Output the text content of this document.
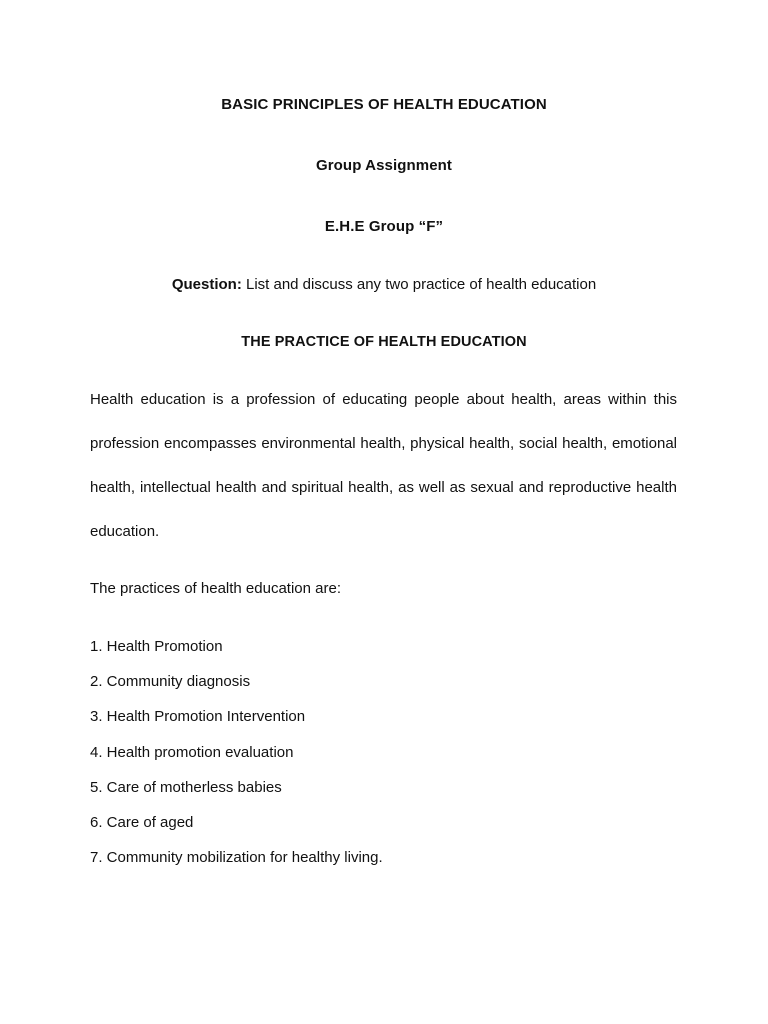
BASIC PRINCIPLES OF HEALTH EDUCATION
Group Assignment
E.H.E Group “F”
Question: List and discuss any two practice of health education
THE PRACTICE OF HEALTH EDUCATION
Health education is a profession of educating people about health, areas within this profession encompasses environmental health, physical health, social health, emotional health, intellectual health and spiritual health, as well as sexual and reproductive health education.
The practices of health education are:
1. Health Promotion
2. Community diagnosis
3. Health Promotion Intervention
4. Health promotion evaluation
5. Care of motherless babies
6. Care of aged
7. Community mobilization for healthy living.
